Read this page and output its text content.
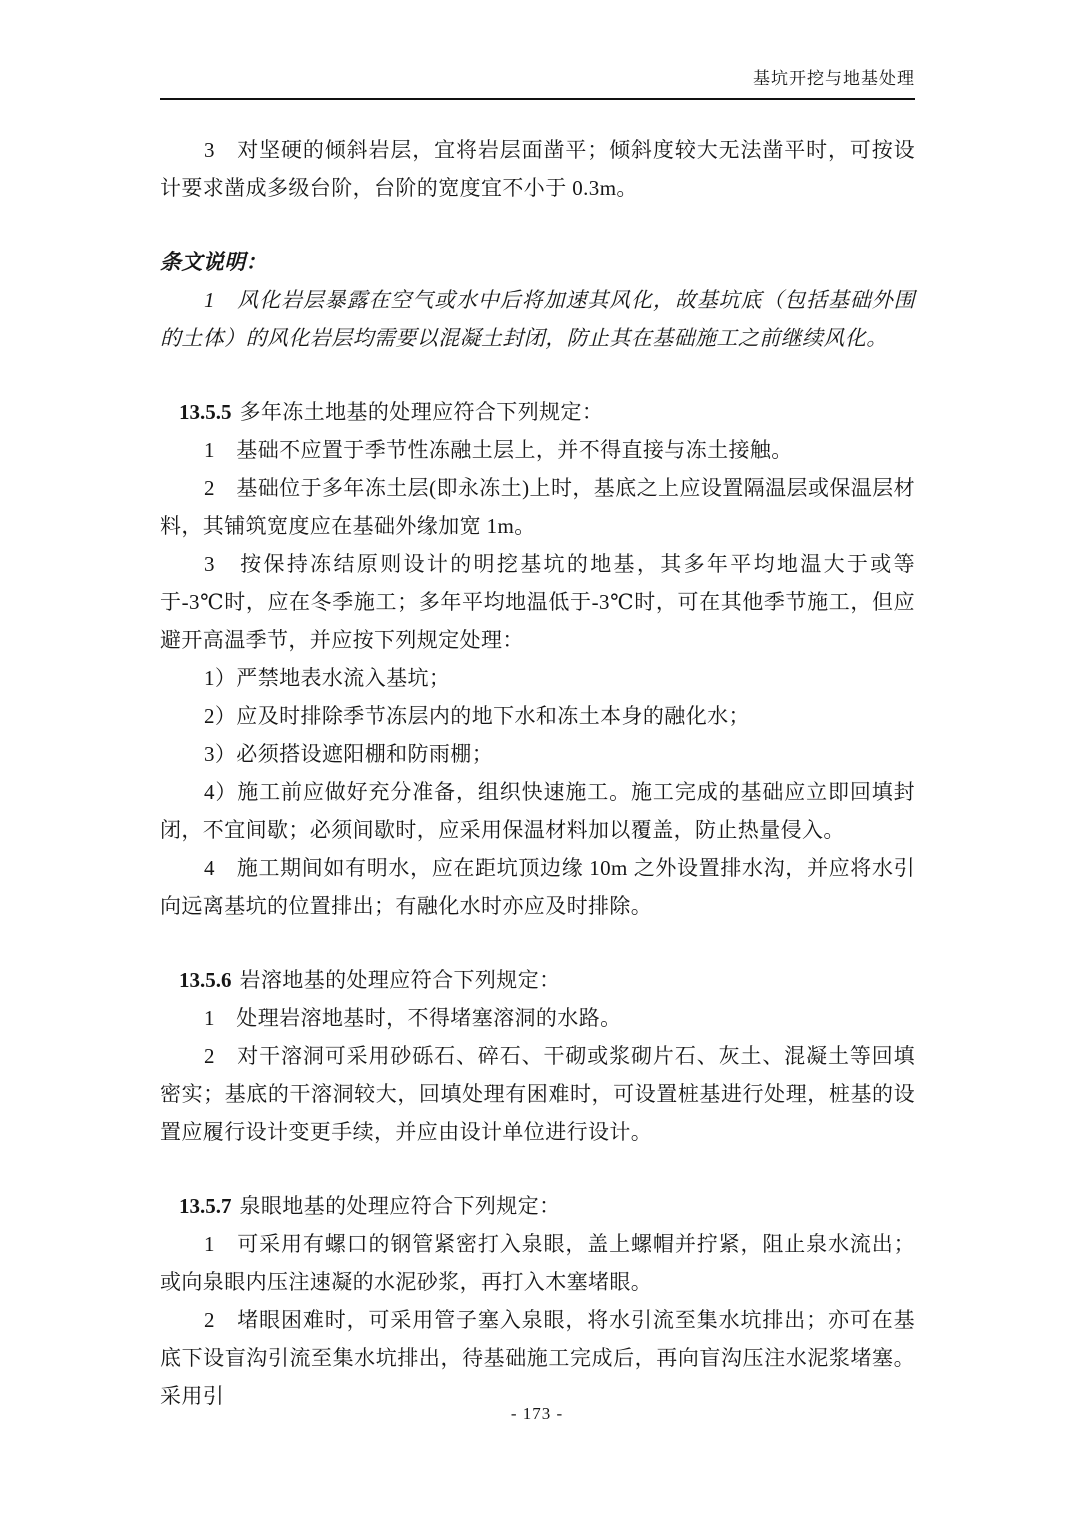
基坑开挖与地基处理

3　对坚硬的倾斜岩层，宜将岩层面凿平；倾斜度较大无法凿平时，可按设计要求凿成多级台阶，台阶的宽度宜不小于 0.3m。

条文说明：

1　风化岩层暴露在空气或水中后将加速其风化，故基坑底（包括基础外围的土体）的风化岩层均需要以混凝土封闭，防止其在基础施工之前继续风化。

13.5.5 多年冻土地基的处理应符合下列规定：

1　基础不应置于季节性冻融土层上，并不得直接与冻土接触。

2　基础位于多年冻土层(即永冻土)上时，基底之上应设置隔温层或保温层材料，其铺筑宽度应在基础外缘加宽 1m。

3　按保持冻结原则设计的明挖基坑的地基，其多年平均地温大于或等于-3℃时，应在冬季施工；多年平均地温低于-3℃时，可在其他季节施工，但应避开高温季节，并应按下列规定处理：

1）严禁地表水流入基坑；

2）应及时排除季节冻层内的地下水和冻土本身的融化水；

3）必须搭设遮阳棚和防雨棚；

4）施工前应做好充分准备，组织快速施工。施工完成的基础应立即回填封闭，不宜间歇；必须间歇时，应采用保温材料加以覆盖，防止热量侵入。

4　施工期间如有明水，应在距坑顶边缘 10m 之外设置排水沟，并应将水引向远离基坑的位置排出；有融化水时亦应及时排除。

13.5.6 岩溶地基的处理应符合下列规定：

1　处理岩溶地基时，不得堵塞溶洞的水路。

2　对干溶洞可采用砂砾石、碎石、干砌或浆砌片石、灰土、混凝土等回填密实；基底的干溶洞较大，回填处理有困难时，可设置桩基进行处理，桩基的设置应履行设计变更手续，并应由设计单位进行设计。

13.5.7 泉眼地基的处理应符合下列规定：

1　可采用有螺口的钢管紧密打入泉眼，盖上螺帽并拧紧，阻止泉水流出；或向泉眼内压注速凝的水泥砂浆，再打入木塞堵眼。

2　堵眼困难时，可采用管子塞入泉眼，将水引流至集水坑排出；亦可在基底下设盲沟引流至集水坑排出，待基础施工完成后，再向盲沟压注水泥浆堵塞。采用引

- 173 -
